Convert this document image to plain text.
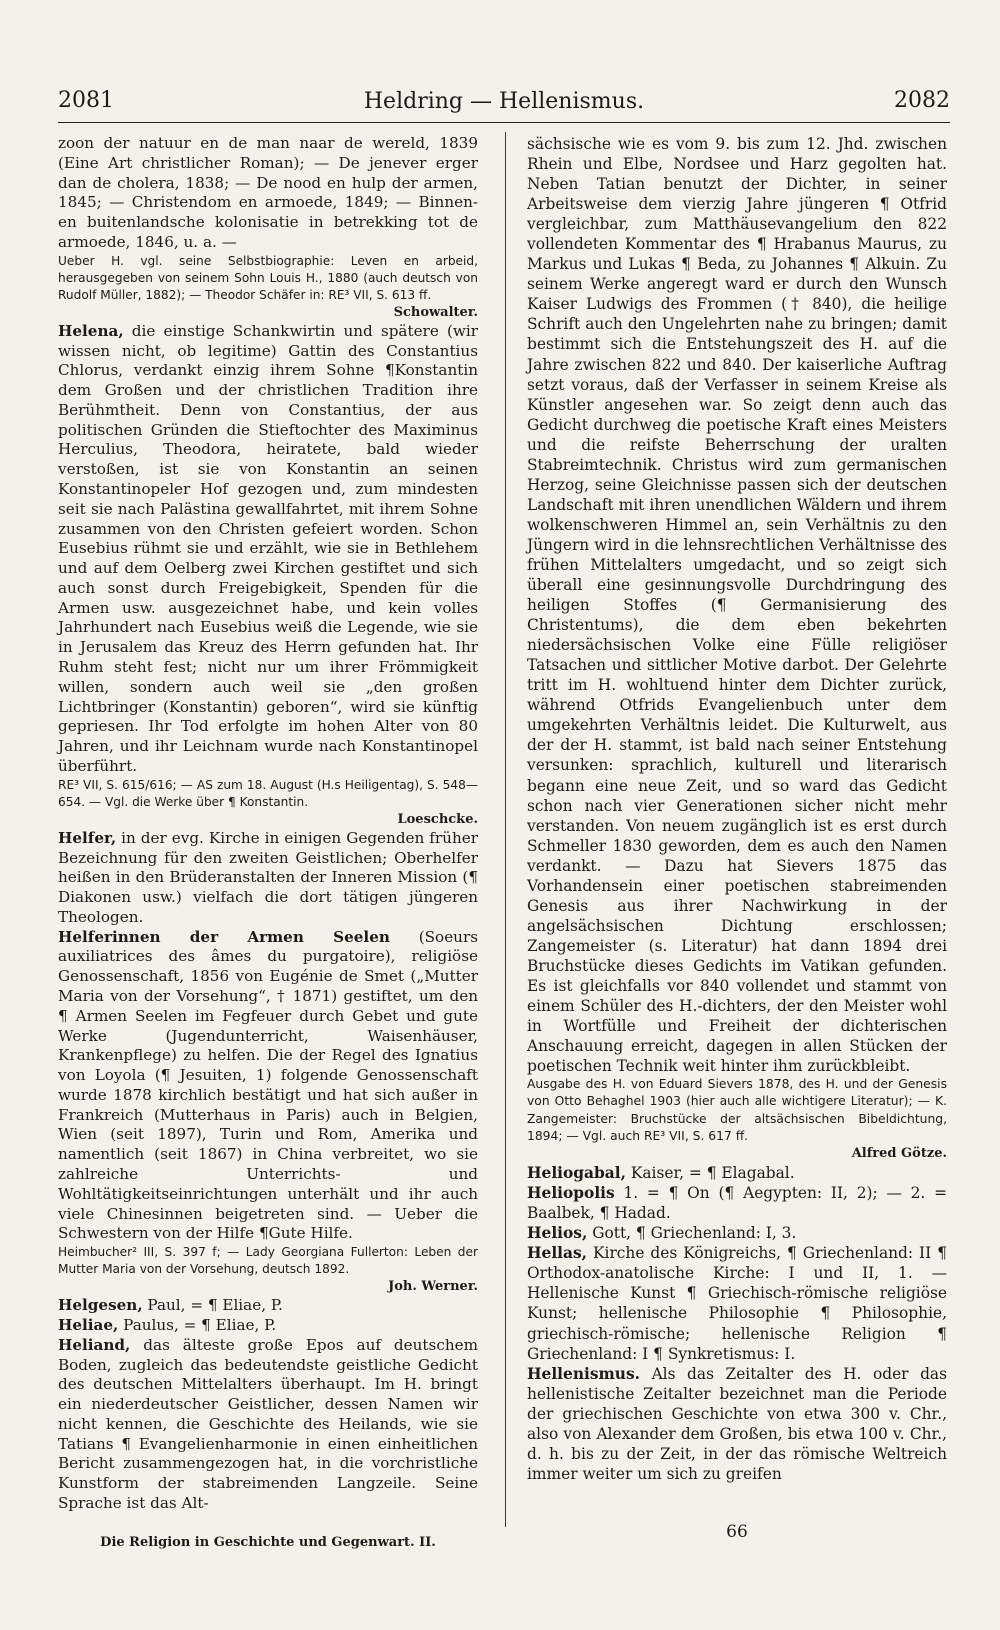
2081	Heldring — Hellenismus.	2082

zoon der natuur en de man naar de wereld, 1839 (Eine Art christlicher Roman); — De jenever erger dan de cholera, 1838; — De nood en hulp der armen, 1845; — Christendom en armoede, 1849; — Binnen- en buitenlandsche kolonisatie in betrekking tot de armoede, 1846, u. a. —

Ueber H. vgl. seine Selbstbiographie: Leven en arbeid, herausgegeben von seinem Sohn Louis H., 1880 (auch deutsch von Rudolf Müller, 1882); — Theodor Schäfer in: RE³ VII, S. 613 ff.

Schowalter.

Helena, die einstige Schankwirtin und spätere (wir wissen nicht, ob legitime) Gattin des Constantius Chlorus, verdankt einzig ihrem Sohne ¶Konstantin dem Großen und der christlichen Tradition ihre Berühmtheit. Denn von Constantius, der aus politischen Gründen die Stieftochter des Maximinus Herculius, Theodora, heiratete, bald wieder verstoßen, ist sie von Konstantin an seinen Konstantinopeler Hof gezogen und, zum mindesten seit sie nach Palästina gewallfahrtet, mit ihrem Sohne zusammen von den Christen gefeiert worden. Schon Eusebius rühmt sie und erzählt, wie sie in Bethlehem und auf dem Oelberg zwei Kirchen gestiftet und sich auch sonst durch Freigebigkeit, Spenden für die Armen usw. ausgezeichnet habe, und kein volles Jahrhundert nach Eusebius weiß die Legende, wie sie in Jerusalem das Kreuz des Herrn gefunden hat. Ihr Ruhm steht fest; nicht nur um ihrer Frömmigkeit willen, sondern auch weil sie „den großen Lichtbringer (Konstantin) geboren“, wird sie künftig gepriesen. Ihr Tod erfolgte im hohen Alter von 80 Jahren, und ihr Leichnam wurde nach Konstantinopel überführt.

RE³ VII, S. 615/616; — AS zum 18. August (H.s Heiligentag), S. 548—654. — Vgl. die Werke über ¶ Konstantin.

Loeschcke.

Helfer, in der evg. Kirche in einigen Gegenden früher Bezeichnung für den zweiten Geistlichen; Oberhelfer heißen in den Brüderanstalten der Inneren Mission (¶ Diakonen usw.) vielfach die dort tätigen jüngeren Theologen.

Helferinnen der Armen Seelen (Soeurs auxiliatrices des âmes du purgatoire), religiöse Genossenschaft, 1856 von Eugénie de Smet („Mutter Maria von der Vorsehung“, † 1871) gestiftet, um den ¶ Armen Seelen im Fegfeuer durch Gebet und gute Werke (Jugendunterricht, Waisenhäuser, Krankenpflege) zu helfen. Die der Regel des Ignatius von Loyola (¶ Jesuiten, 1) folgende Genossenschaft wurde 1878 kirchlich bestätigt und hat sich außer in Frankreich (Mutterhaus in Paris) auch in Belgien, Wien (seit 1897), Turin und Rom, Amerika und namentlich (seit 1867) in China verbreitet, wo sie zahlreiche Unterrichts- und Wohltätigkeitseinrichtungen unterhält und ihr auch viele Chinesinnen beigetreten sind. — Ueber die Schwestern von der Hilfe ¶Gute Hilfe.

Heimbucher² III, S. 397 f; — Lady Georgiana Fullerton: Leben der Mutter Maria von der Vorsehung, deutsch 1892.

Joh. Werner.

Helgesen, Paul, = ¶ Eliae, P.

Heliae, Paulus, = ¶ Eliae, P.

Heliand, das älteste große Epos auf deutschem Boden, zugleich das bedeutendste geistliche Gedicht des deutschen Mittelalters überhaupt. Im H. bringt ein niederdeutscher Geistlicher, dessen Namen wir nicht kennen, die Geschichte des Heilands, wie sie Tatians ¶ Evangelienharmonie in einen einheitlichen Bericht zusammengezogen hat, in die vorchristliche Kunstform der stabreimenden Langzeile. Seine Sprache ist das Alt-

sächsische wie es vom 9. bis zum 12. Jhd. zwischen Rhein und Elbe, Nordsee und Harz gegolten hat. Neben Tatian benutzt der Dichter, in seiner Arbeitsweise dem vierzig Jahre jüngeren ¶ Otfrid vergleichbar, zum Matthäusevangelium den 822 vollendeten Kommentar des ¶ Hrabanus Maurus, zu Markus und Lukas ¶ Beda, zu Johannes ¶ Alkuin. Zu seinem Werke angeregt ward er durch den Wunsch Kaiser Ludwigs des Frommen († 840), die heilige Schrift auch den Ungelehrten nahe zu bringen; damit bestimmt sich die Entstehungszeit des H. auf die Jahre zwischen 822 und 840. Der kaiserliche Auftrag setzt voraus, daß der Verfasser in seinem Kreise als Künstler angesehen war. So zeigt denn auch das Gedicht durchweg die poetische Kraft eines Meisters und die reifste Beherrschung der uralten Stabreimtechnik. Christus wird zum germanischen Herzog, seine Gleichnisse passen sich der deutschen Landschaft mit ihren unendlichen Wäldern und ihrem wolkenschweren Himmel an, sein Verhältnis zu den Jüngern wird in die lehnsrechtlichen Verhältnisse des frühen Mittelalters umgedacht, und so zeigt sich überall eine gesinnungsvolle Durchdringung des heiligen Stoffes (¶ Germanisierung des Christentums), die dem eben bekehrten niedersächsischen Volke eine Fülle religiöser Tatsachen und sittlicher Motive darbot. Der Gelehrte tritt im H. wohltuend hinter dem Dichter zurück, während Otfrids Evangelienbuch unter dem umgekehrten Verhältnis leidet. Die Kulturwelt, aus der der H. stammt, ist bald nach seiner Entstehung versunken: sprachlich, kulturell und literarisch begann eine neue Zeit, und so ward das Gedicht schon nach vier Generationen sicher nicht mehr verstanden. Von neuem zugänglich ist es erst durch Schmeller 1830 geworden, dem es auch den Namen verdankt. — Dazu hat Sievers 1875 das Vorhandensein einer poetischen stabreimenden Genesis aus ihrer Nachwirkung in der angelsächsischen Dichtung erschlossen; Zangemeister (s. Literatur) hat dann 1894 drei Bruchstücke dieses Gedichts im Vatikan gefunden. Es ist gleichfalls vor 840 vollendet und stammt von einem Schüler des H.-dichters, der den Meister wohl in Wortfülle und Freiheit der dichterischen Anschauung erreicht, dagegen in allen Stücken der poetischen Technik weit hinter ihm zurückbleibt.

Ausgabe des H. von Eduard Sievers 1878, des H. und der Genesis von Otto Behaghel 1903 (hier auch alle wichtigere Literatur); — K. Zangemeister: Bruchstücke der altsächsischen Bibeldichtung, 1894; — Vgl. auch RE³ VII, S. 617 ff.

Alfred Götze.

Heliogabal, Kaiser, = ¶ Elagabal.

Heliopolis 1. = ¶ On (¶ Aegypten: II, 2); — 2. = Baalbek, ¶ Hadad.

Helios, Gott, ¶ Griechenland: I, 3.

Hellas, Kirche des Königreichs, ¶ Griechenland: II ¶ Orthodox-anatolische Kirche: I und II, 1. — Hellenische Kunst ¶ Griechisch-römische religiöse Kunst; hellenische Philosophie ¶ Philosophie, griechisch-römische; hellenische Religion ¶ Griechenland: I ¶ Synkretismus: I.

Hellenismus. Als das Zeitalter des H. oder das hellenistische Zeitalter bezeichnet man die Periode der griechischen Geschichte von etwa 300 v. Chr., also von Alexander dem Großen, bis etwa 100 v. Chr., d. h. bis zu der Zeit, in der das römische Weltreich immer weiter um sich zu greifen

Die Religion in Geschichte und Gegenwart. II.
66
